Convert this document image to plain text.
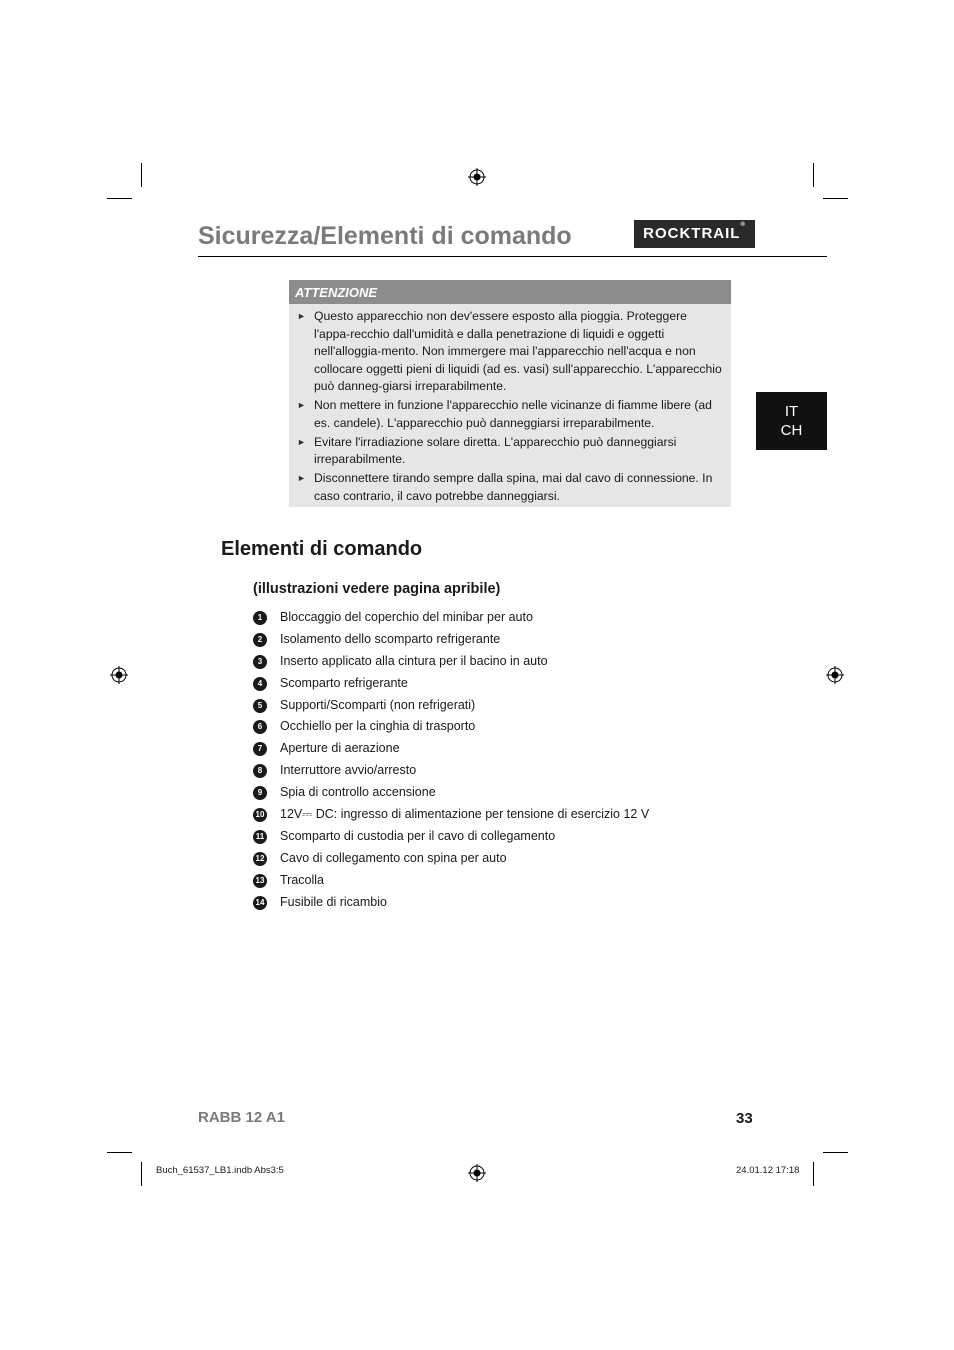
Sicurezza/Elementi di comando	ROCKTRAIL®
IT
CH
ATTENZIONE
► Questo apparecchio non dev'essere esposto alla pioggia. Proteggere l'appa-recchio dall'umidità e dalla penetrazione di liquidi e oggetti nell'alloggia-mento. Non immergere mai l'apparecchio nell'acqua e non collocare oggetti pieni di liquidi (ad es. vasi) sull'apparecchio. L'apparecchio può danneg-giarsi irreparabilmente.
► Non mettere in funzione l'apparecchio nelle vicinanze di fiamme libere (ad es. candele). L'apparecchio può danneggiarsi irreparabilmente.
► Evitare l'irradiazione solare diretta. L'apparecchio può danneggiarsi irreparabilmente.
► Disconnettere tirando sempre dalla spina, mai dal cavo di connessione. In caso contrario, il cavo potrebbe danneggiarsi.
Elementi di comando
(illustrazioni vedere pagina apribile)
1	Bloccaggio del coperchio del minibar per auto
2	Isolamento dello scomparto refrigerante
3	Inserto applicato alla cintura per il bacino in auto
4	Scomparto refrigerante
5	Supporti/Scomparti (non refrigerati)
6	Occhiello per la cinghia di trasporto
7	Aperture di aerazione
8	Interruttore avvio/arresto
9	Spia di controllo accensione
10 12V⎓ DC: ingresso di alimentazione per tensione di esercizio 12 V
11 Scomparto di custodia per il cavo di collegamento
12 Cavo di collegamento con spina per auto
13 Tracolla
14 Fusibile di ricambio
RABB 12 A1	33
Buch_61537_LB1.indb Abs3:5	24.01.12 17:18
